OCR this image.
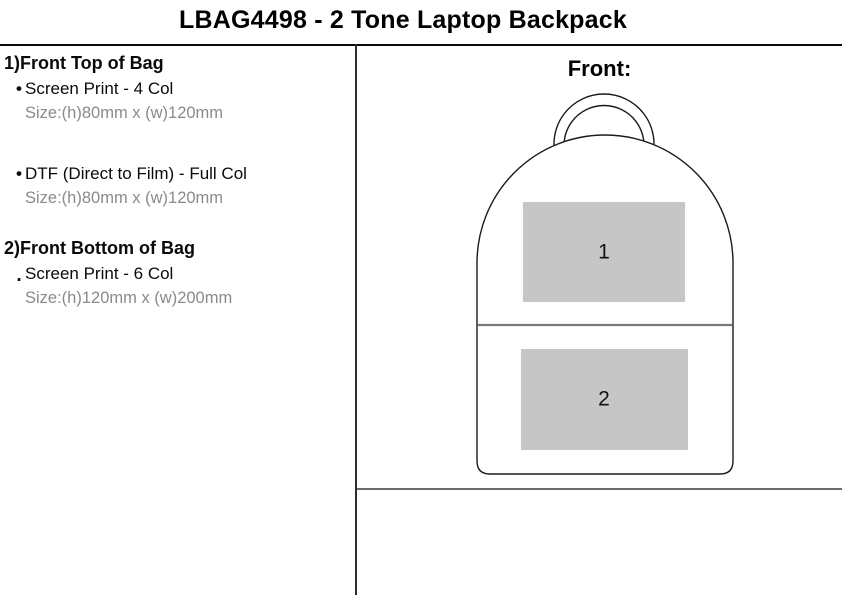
LBAG4498 - 2 Tone Laptop Backpack
1)Front Top of Bag
• Screen Print - 4 Col
Size:(h)80mm x (w)120mm
• DTF (Direct to Film) - Full Col
Size:(h)80mm x (w)120mm
2)Front Bottom of Bag
. Screen Print - 6 Col
Size:(h)120mm x (w)200mm
Front:
1
2
